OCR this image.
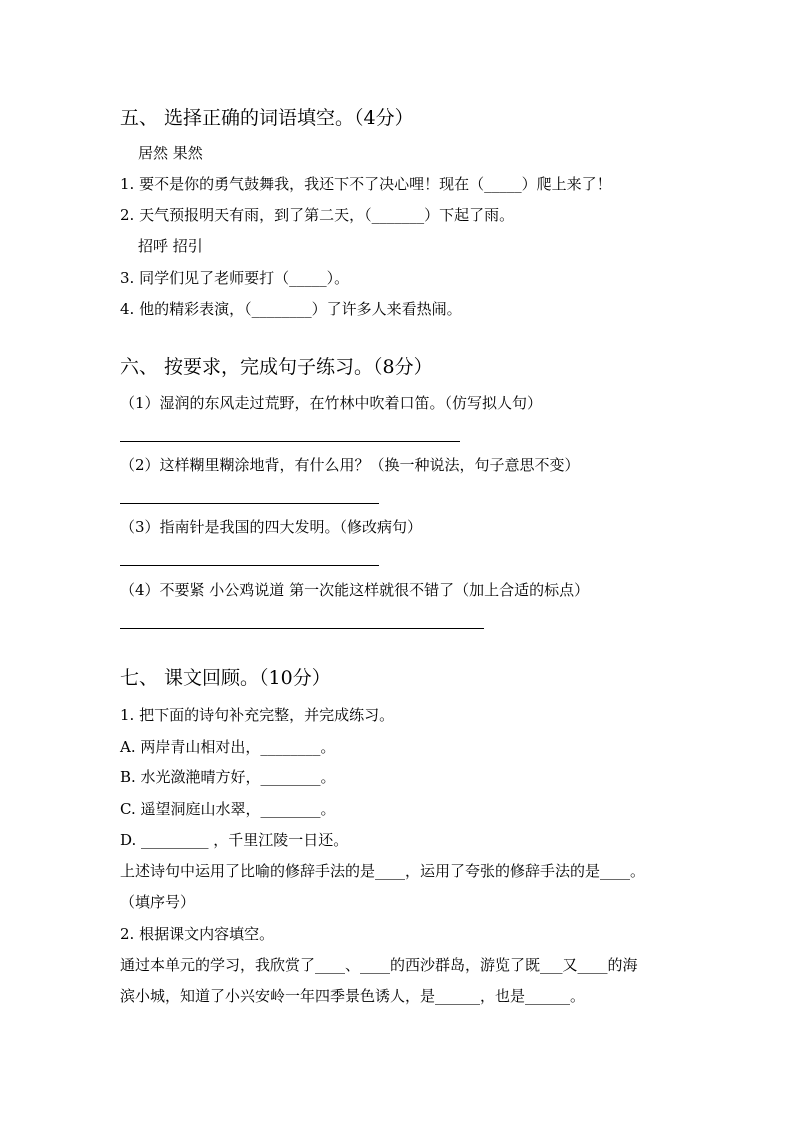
五、 选择正确的词语填空。（4分）
居然 果然
1. 要不是你的勇气鼓舞我，我还下不了决心哩！现在（_____）爬上来了！
2. 天气预报明天有雨，到了第二天，（_______）下起了雨。
招呼 招引
3. 同学们见了老师要打（_____）。
4. 他的精彩表演，（________）了许多人来看热闹。
六、 按要求，完成句子练习。（8分）
（1）湿润的东风走过荒野，在竹林中吹着口笛。（仿写拟人句）
（2）这样糊里糊涂地背，有什么用？（换一种说法，句子意思不变）
（3）指南针是我国的四大发明。（修改病句）
（4）不要紧 小公鸡说道 第一次能这样就很不错了（加上合适的标点）
七、 课文回顾。（10分）
1. 把下面的诗句补充完整，并完成练习。
A. 两岸青山相对出，________。
B. 水光潋滟晴方好，________。
C. 遥望洞庭山水翠，________。
D. _________ ，千里江陵一日还。
上述诗句中运用了比喻的修辞手法的是____，运用了夸张的修辞手法的是____。
（填序号）
2. 根据课文内容填空。
通过本单元的学习，我欣赏了____、____的西沙群岛，游览了既___又____的海
滨小城，知道了小兴安岭一年四季景色诱人，是______，也是______。
